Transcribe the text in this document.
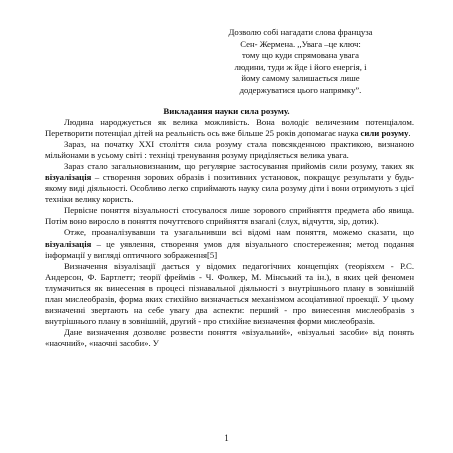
Дозволю собі нагадати слова француза
Сен- Жермена. ,,Увага –це ключ:
тому що куди спрямована увага
людини, туди ж йде і його енергія, і
йому самому залишається лише
додержуватися цього напрямку”.
Викладання науки сила розуму.

Людина народжується як велика можливість. Вона володіє величезним потенціалом. Перетворити потенціал дітей на реальність ось вже більше 25 років допомагає наука сили розуму.

Зараз, на початку ХХІ століття сила розуму стала повсякденною практикою, визнаною мільйонами в усьому світі : техніці тренування розуму приділяється велика увага.

Зараз стало загальновизнаним, що регулярне застосування прийомів сили розуму, таких як візуалізація – створення зорових образів і позитивних установок, покращує результати у будь-якому виді діяльності. Особливо легко сприймають науку сила розуму діти і вони отримують з цієї техніки велику користь.

Первісне поняття візуальності стосувалося лише зорового сприйняття предмета або явища. Потім воно виросло в поняття почуттєвого сприйняття взагалі (слух, відчуття, зір, дотик).

Отже, проаналізувавши та узагальнивши всі відомі нам поняття, можемо сказати, що візуалізація – це уявлення, створення умов для візуального спостереження; метод подання інформації у вигляді оптичного зображення[5]

Визначення візуалізації дається у відомих педагогічних концепціях (теоріяхєм - Р.С. Андерсон, Ф. Бартлетт; теорії фреймів - Ч. Фолкер, М. Мінський та ін.), в яких цей феномен тлумачиться як винесення в процесі пізнавальної діяльності з внутрішнього плану в зовнішній план мислеобразів, форма яких стихійно визначається механізмом асоціативної проекції. У цьому визначенні звертають на себе увагу два аспекти: перший - про винесення мислеобразів з внутрішнього плану в зовнішній, другий - про стихійне визначення форми мислеобразів.

Дане визначення дозволяє розвести поняття «візуальний», «візуальні засоби» від понять «наочний», «наочні засоби». У

1
